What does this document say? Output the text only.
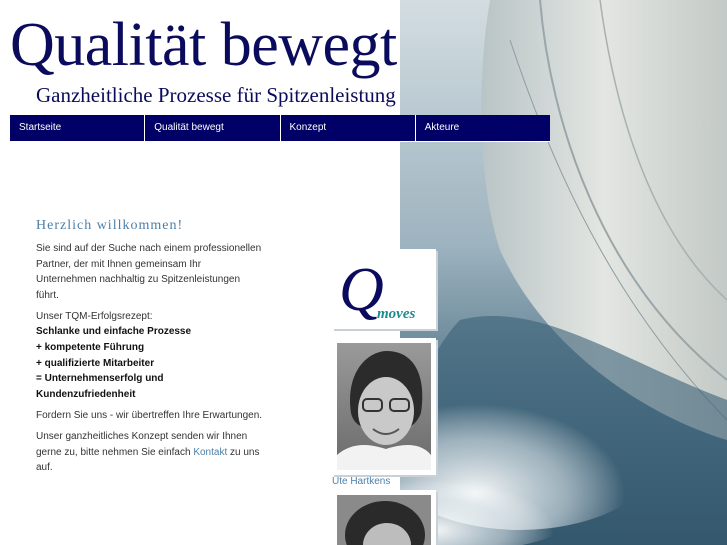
Qualität bewegt
Ganzheitliche Prozesse für Spitzenleistung
Startseite	Qualität bewegt	Konzept	Akteure
Herzlich willkommen!

Sie sind auf der Suche nach einem professionellen Partner, der mit Ihnen gemeinsam Ihr Unternehmen nachhaltig zu Spitzenleistungen führt.

Unser TQM-Erfolgsrezept:
Schlanke und einfache Prozesse
+ kompetente Führung
+ qualifizierte Mitarbeiter
= Unternehmenserfolg und Kundenzufriedenheit

Fordern Sie uns - wir übertreffen Ihre Erwartungen.

Unser ganzheitliches Konzept senden wir Ihnen gerne zu, bitte nehmen Sie einfach Kontakt zu uns auf.

Q
moves
Ute Hartkens
